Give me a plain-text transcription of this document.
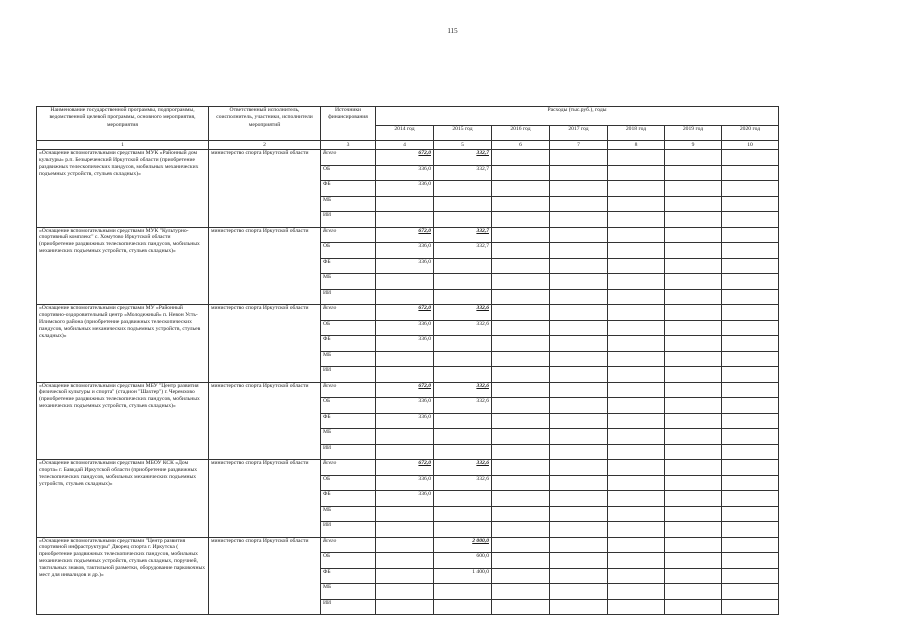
115
Наименование государственной программы, подпрограммы, ведомственной целевой программы, основного мероприятия, мероприятия	Ответственный исполнитель, соисполнитель, участники, исполнители мероприятий	Источники финансирования	Расходы (тыс.руб.), годы						
			2014 год	2015 год	2016 год	2017 год	2018 год	2019 год	2020 год
1	2	3	4	5	6	7	8	9	10
«Оснащение вспомогательными средствами МУК «Районный дом культуры» р.п. Безыреченский Иркутской области (приобретение раздвижных телескопических пандусов, мобильных механических подъемных устройств, стульев складных)»	министерство спорта Иркутской области	Всего	672,0	332,7					
		ОБ	336,0	332,7					
		ФБ	336,0						
		МБ							
		ИИ							
«Оснащение вспомогательными средствами МУК "Культурно-спортивный комплекс" с. Хомутово Иркутской области (приобретение раздвижных телескопических пандусов, мобильных механических подъемных устройств, стульев складных)»	министерство спорта Иркутской области	Всего	672,0	332,7					
		ОБ	336,0	332,7					
		ФБ	336,0						
		МБ							
		ИИ							
«Оснащение вспомогательными средствами МУ «Районный спортивно-оздоровительный центр «Молодежный» п. Невон Усть-Илимского района (приобретение раздвижных телескопических пандусов, мобильных механических подъемных устройств, стульев складных)»	министерство спорта Иркутской области	Всего	672,0	332,6					
		ОБ	336,0	332,6					
		ФБ	336,0						
		МБ							
		ИИ							
«Оснащение вспомогательными средствами МБУ "Центр развития физической культуры и спорта" (стадион "Шахтер") г. Черемхово (приобретение раздвижных телескопических пандусов, мобильных механических подъемных устройств, стульев складных)»	министерство спорта Иркутской области	Всего	672,0	332,6					
		ОБ	336,0	332,6					
		ФБ	336,0						
		МБ							
		ИИ							
«Оснащение вспомогательными средствами МБОУ КСК «Дом спорта» г. Бавкдай Иркутской области (приобретение раздвижных телескопических пандусов, мобильных механических подъемных устройств, стульев складных)»	министерство спорта Иркутской области	Всего	672,0	332,6					
		ОБ	336,0	332,6					
		ФБ	336,0						
		МБ							
		ИИ							
«Оснащение вспомогательными средствами "Центр развития спортивной инфраструктуры" Дворец спорта г. Иркутска ( приобретение раздвижных телескопических пандусов, мобильных механических подъемных устройств, стульев складных, поручней, тактильных знаков, тактильной разметки, оборудование парковочных мест для инвалидов и др.)»	министерство спорта Иркутской области	Всего		2 000,0					
		ОБ		600,0					
		ФБ		1 400,0					
		МБ							
		ИИ							
